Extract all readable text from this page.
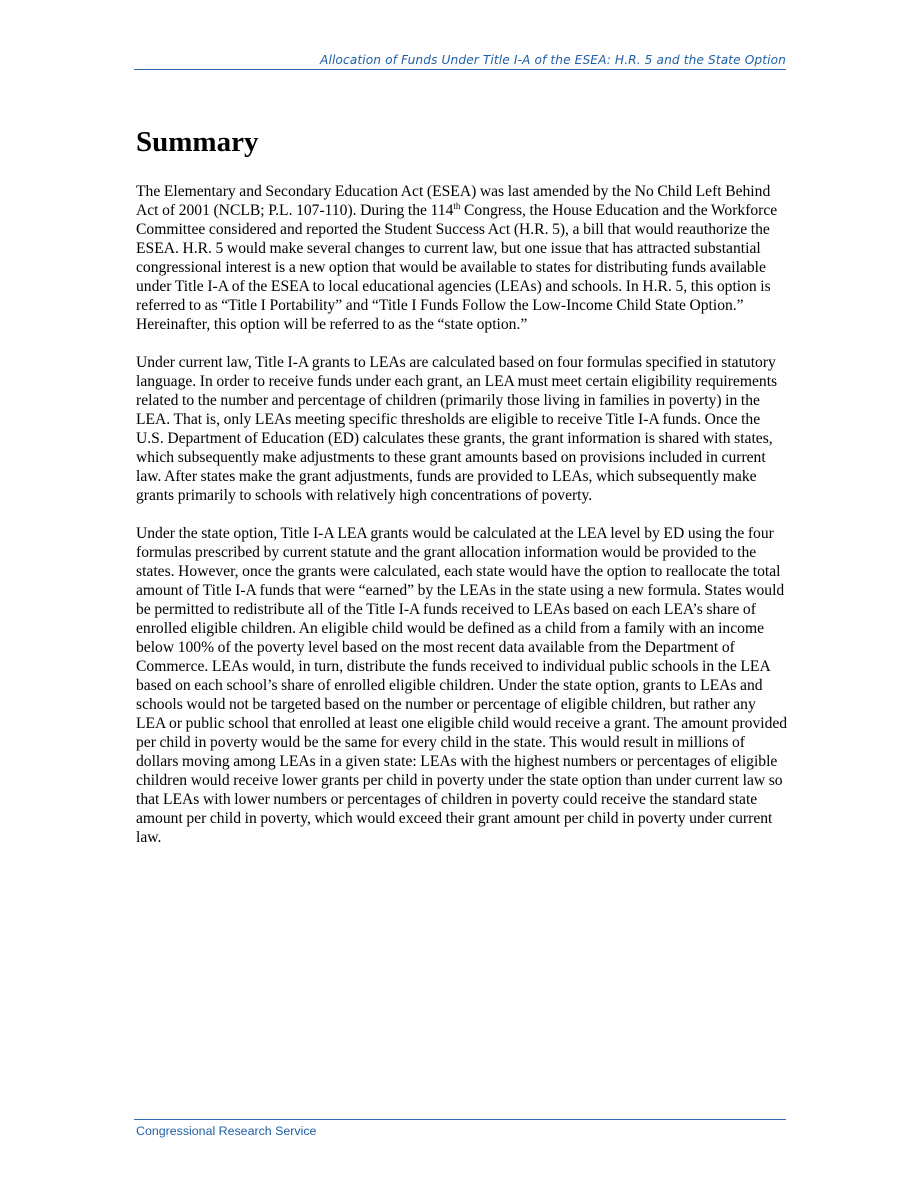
Allocation of Funds Under Title I-A of the ESEA: H.R. 5 and the State Option

Summary

The Elementary and Secondary Education Act (ESEA) was last amended by the No Child Left Behind Act of 2001 (NCLB; P.L. 107-110). During the 114th Congress, the House Education and the Workforce Committee considered and reported the Student Success Act (H.R. 5), a bill that would reauthorize the ESEA. H.R. 5 would make several changes to current law, but one issue that has attracted substantial congressional interest is a new option that would be available to states for distributing funds available under Title I-A of the ESEA to local educational agencies (LEAs) and schools. In H.R. 5, this option is referred to as “Title I Portability” and “Title I Funds Follow the Low-Income Child State Option.” Hereinafter, this option will be referred to as the “state option.”

Under current law, Title I-A grants to LEAs are calculated based on four formulas specified in statutory language. In order to receive funds under each grant, an LEA must meet certain eligibility requirements related to the number and percentage of children (primarily those living in families in poverty) in the LEA. That is, only LEAs meeting specific thresholds are eligible to receive Title I-A funds. Once the U.S. Department of Education (ED) calculates these grants, the grant information is shared with states, which subsequently make adjustments to these grant amounts based on provisions included in current law. After states make the grant adjustments, funds are provided to LEAs, which subsequently make grants primarily to schools with relatively high concentrations of poverty.

Under the state option, Title I-A LEA grants would be calculated at the LEA level by ED using the four formulas prescribed by current statute and the grant allocation information would be provided to the states. However, once the grants were calculated, each state would have the option to reallocate the total amount of Title I-A funds that were “earned” by the LEAs in the state using a new formula. States would be permitted to redistribute all of the Title I-A funds received to LEAs based on each LEA’s share of enrolled eligible children. An eligible child would be defined as a child from a family with an income below 100% of the poverty level based on the most recent data available from the Department of Commerce. LEAs would, in turn, distribute the funds received to individual public schools in the LEA based on each school’s share of enrolled eligible children. Under the state option, grants to LEAs and schools would not be targeted based on the number or percentage of eligible children, but rather any LEA or public school that enrolled at least one eligible child would receive a grant. The amount provided per child in poverty would be the same for every child in the state. This would result in millions of dollars moving among LEAs in a given state: LEAs with the highest numbers or percentages of eligible children would receive lower grants per child in poverty under the state option than under current law so that LEAs with lower numbers or percentages of children in poverty could receive the standard state amount per child in poverty, which would exceed their grant amount per child in poverty under current law.

Congressional Research Service
